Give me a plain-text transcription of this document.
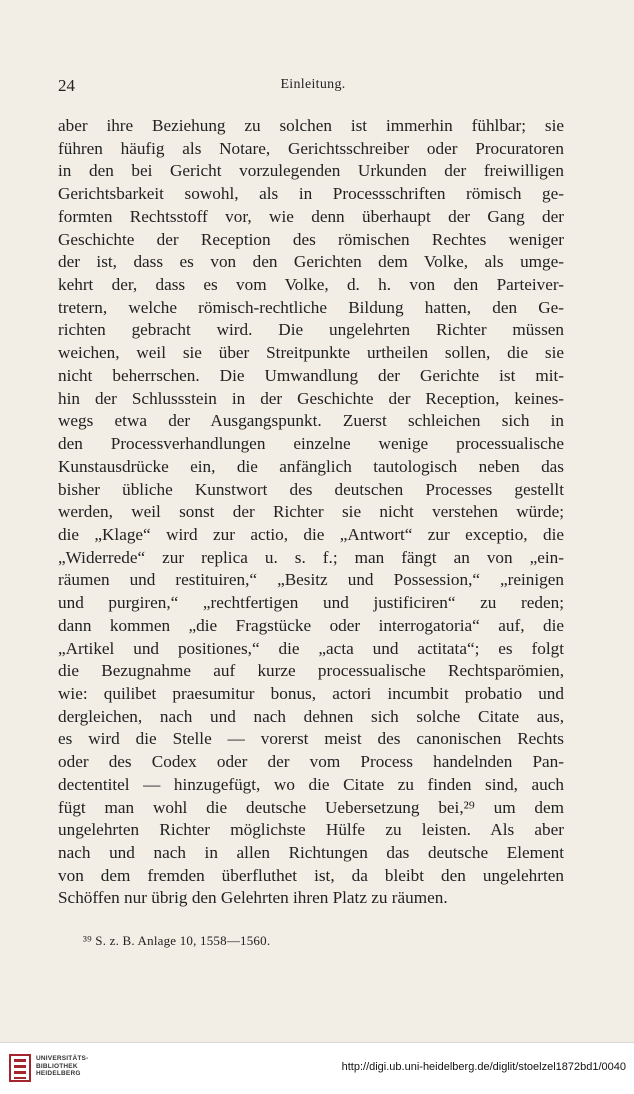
24	Einleitung.
aber ihre Beziehung zu solchen ist immerhin fühlbar; sie
führen häufig als Notare, Gerichtsschreiber oder Procuratoren
in den bei Gericht vorzulegenden Urkunden der freiwilligen
Gerichtsbarkeit sowohl, als in Processschriften römisch ge-
formten Rechtsstoff vor, wie denn überhaupt der Gang der
Geschichte der Reception des römischen Rechtes weniger
der ist, dass es von den Gerichten dem Volke, als umge-
kehrt der, dass es vom Volke, d. h. von den Parteiver-
tretern, welche römisch-rechtliche Bildung hatten, den Ge-
richten gebracht wird. Die ungelehrten Richter müssen
weichen, weil sie über Streitpunkte urtheilen sollen, die sie
nicht beherrschen. Die Umwandlung der Gerichte ist mit-
hin der Schlussstein in der Geschichte der Reception, keines-
wegs etwa der Ausgangspunkt. Zuerst schleichen sich in
den Processverhandlungen einzelne wenige processualische
Kunstausdrücke ein, die anfänglich tautologisch neben das
bisher übliche Kunstwort des deutschen Processes gestellt
werden, weil sonst der Richter sie nicht verstehen würde;
die „Klage“ wird zur actio, die „Antwort“ zur exceptio, die
„Widerrede“ zur replica u. s. f.; man fängt an von „ein-
räumen und restituiren,“ „Besitz und Possession,“ „reinigen
und purgiren,“ „rechtfertigen und justificiren“ zu reden;
dann kommen „die Fragstücke oder interrogatoria“ auf, die
„Artikel und positiones,“ die „acta und actitata“; es folgt
die Bezugnahme auf kurze processualische Rechtsparömien,
wie: quilibet praesumitur bonus, actori incumbit probatio und
dergleichen, nach und nach dehnen sich solche Citate aus,
es wird die Stelle — vorerst meist des canonischen Rechts
oder des Codex oder der vom Process handelnden Pan-
dectentitel — hinzugefügt, wo die Citate zu finden sind, auch
fügt man wohl die deutsche Uebersetzung bei,²⁹ um dem
ungelehrten Richter möglichste Hülfe zu leisten. Als aber
nach und nach in allen Richtungen das deutsche Element
von dem fremden überfluthet ist, da bleibt den ungelehrten
Schöffen nur übrig den Gelehrten ihren Platz zu räumen.
³⁹ S. z. B. Anlage 10, 1558—1560.
UNIVERSITÄTS-
BIBLIOTHEK
HEIDELBERG
http://digi.ub.uni-heidelberg.de/diglit/stoelzel1872bd1/0040
